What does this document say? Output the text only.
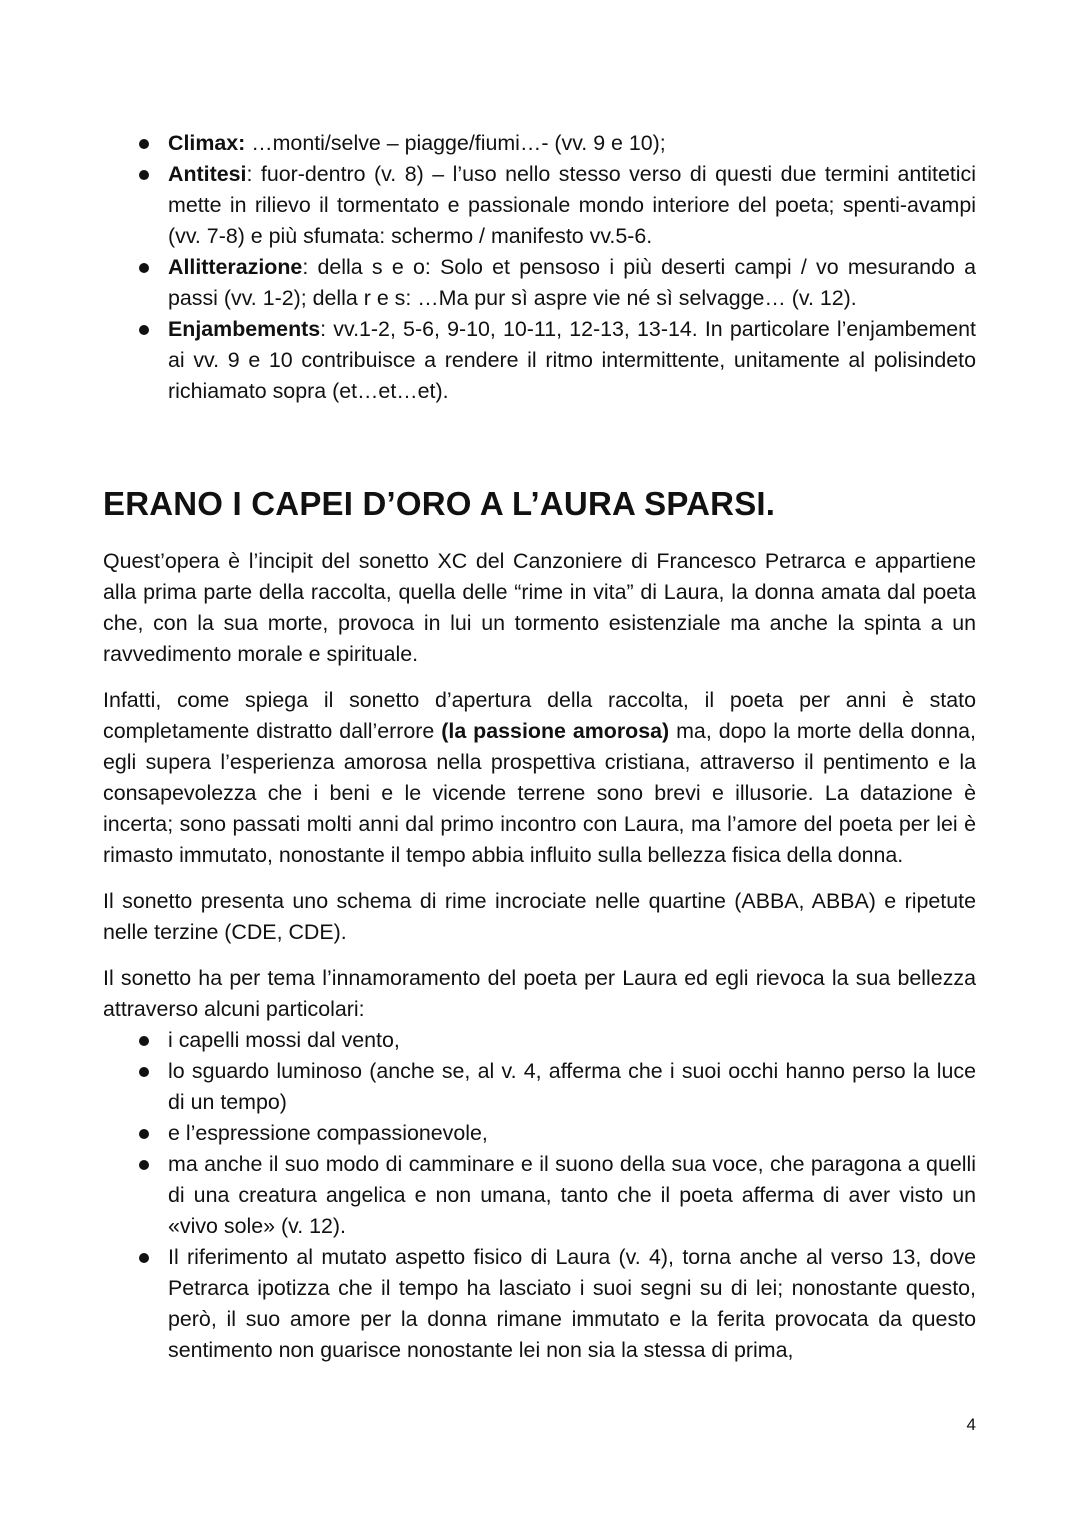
Climax: …monti/selve – piagge/fiumi…- (vv. 9 e 10);
Antitesi: fuor-dentro (v. 8) – l’uso nello stesso verso di questi due termini antitetici mette in rilievo il tormentato e passionale mondo interiore del poeta; spenti-avampi (vv. 7-8) e più sfumata: schermo / manifesto vv.5-6.
Allitterazione: della s e o: Solo et pensoso i più deserti campi / vo mesurando a passi (vv. 1-2); della r e s: …Ma pur sì aspre vie né sì selvagge… (v. 12).
Enjambements: vv.1-2, 5-6, 9-10, 10-11, 12-13, 13-14. In particolare l’enjambement ai vv. 9 e 10 contribuisce a rendere il ritmo intermittente, unitamente al polisindeto richiamato sopra (et…et…et).
ERANO I CAPEI D’ORO A L’AURA SPARSI.

Quest’opera è l’incipit del sonetto XC del Canzoniere di Francesco Petrarca e appartiene alla prima parte della raccolta, quella delle “rime in vita” di Laura, la donna amata dal poeta che, con la sua morte, provoca in lui un tormento esistenziale ma anche la spinta a un ravvedimento morale e spirituale.

Infatti, come spiega il sonetto d’apertura della raccolta, il poeta per anni è stato completamente distratto dall’errore (la passione amorosa) ma, dopo la morte della donna, egli supera l’esperienza amorosa nella prospettiva cristiana, attraverso il pentimento e la consapevolezza che i beni e le vicende terrene sono brevi e illusorie. La datazione è incerta; sono passati molti anni dal primo incontro con Laura, ma l’amore del poeta per lei è rimasto immutato, nonostante il tempo abbia influito sulla bellezza fisica della donna.

Il sonetto presenta uno schema di rime incrociate nelle quartine (ABBA, ABBA) e ripetute nelle terzine (CDE, CDE).

Il sonetto ha per tema l’innamoramento del poeta per Laura ed egli rievoca la sua bellezza attraverso alcuni particolari:

i capelli mossi dal vento,
lo sguardo luminoso (anche se, al v. 4, afferma che i suoi occhi hanno perso la luce di un tempo)
e l’espressione compassionevole,
ma anche il suo modo di camminare e il suono della sua voce, che paragona a quelli di una creatura angelica e non umana, tanto che il poeta afferma di aver visto un «vivo sole» (v. 12).
Il riferimento al mutato aspetto fisico di Laura (v. 4), torna anche al verso 13, dove Petrarca ipotizza che il tempo ha lasciato i suoi segni su di lei; nonostante questo, però, il suo amore per la donna rimane immutato e la ferita provocata da questo sentimento non guarisce nonostante lei non sia la stessa di prima,
4
